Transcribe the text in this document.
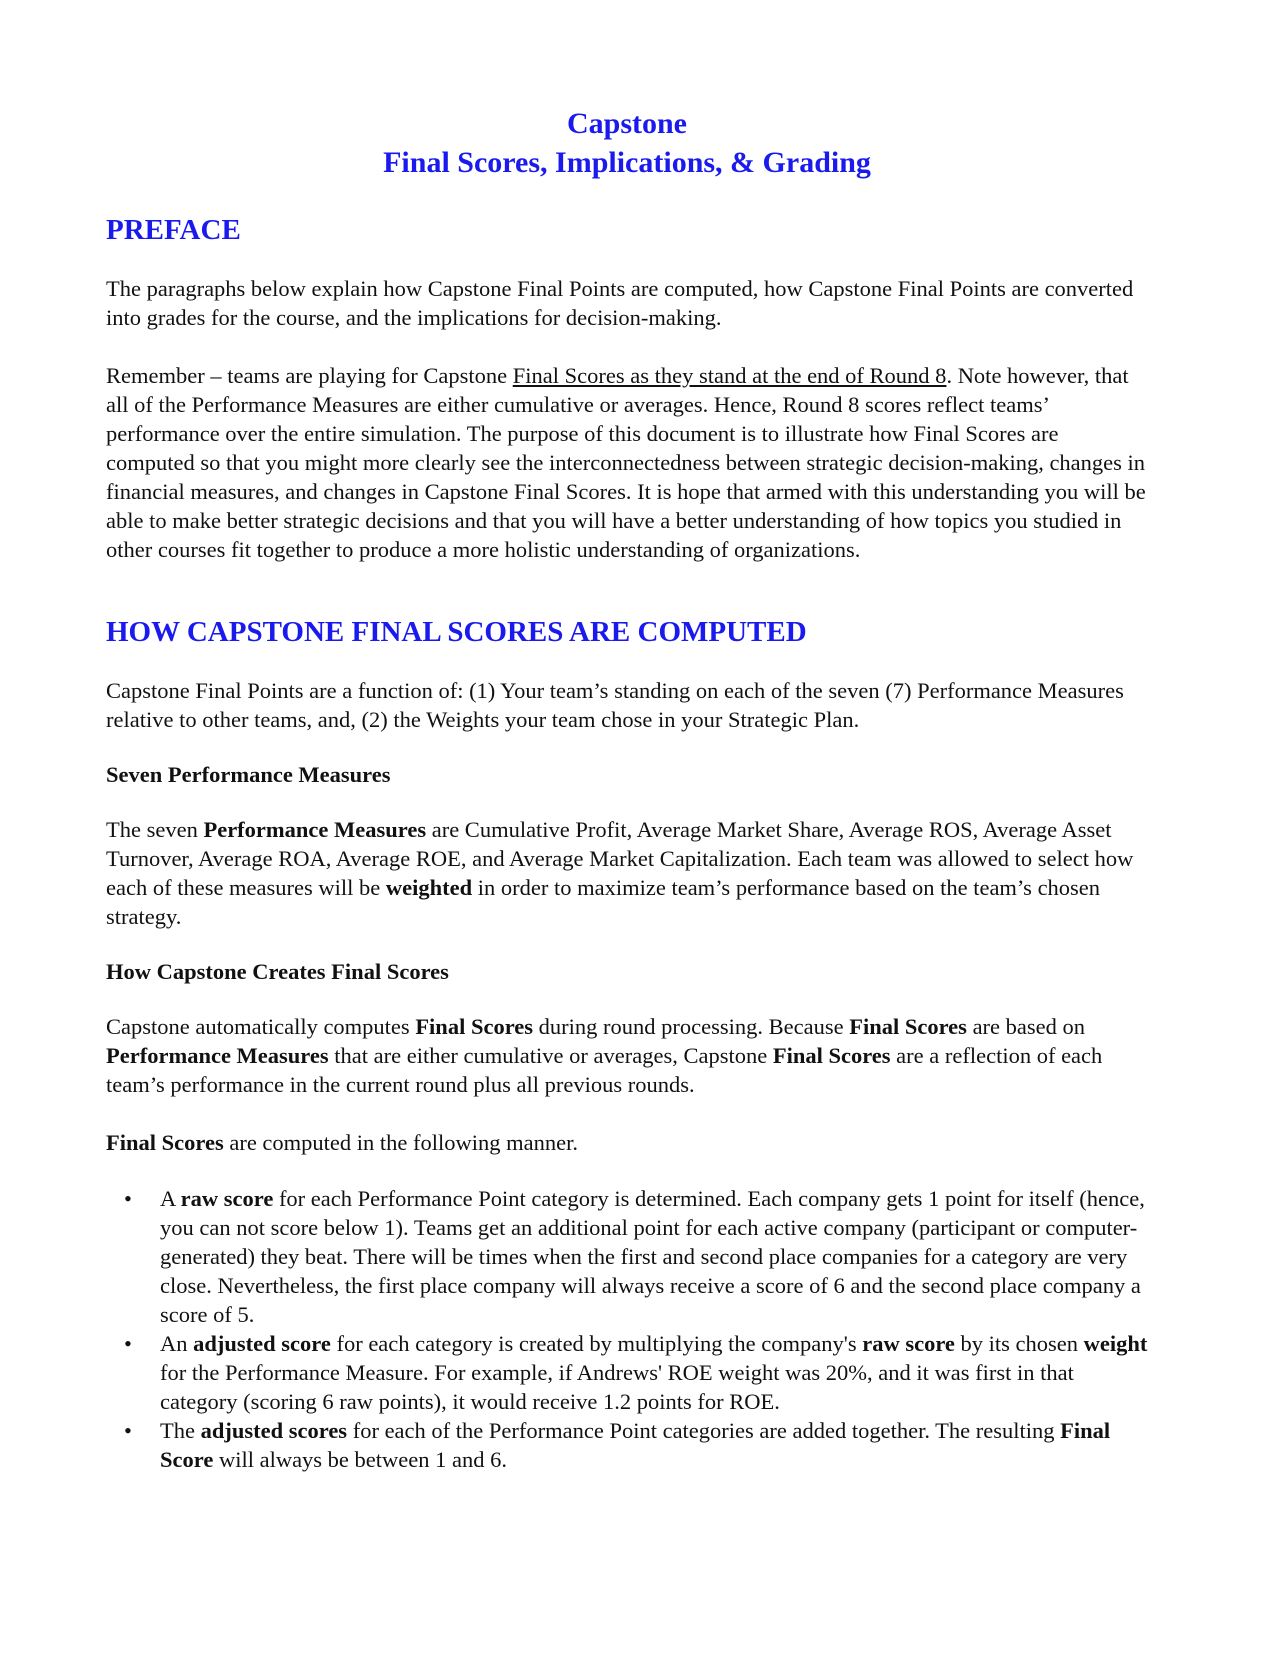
Capstone
Final Scores, Implications, & Grading
PREFACE

The paragraphs below explain how Capstone Final Points are computed, how Capstone Final Points are converted into grades for the course, and the implications for decision-making.

Remember – teams are playing for Capstone Final Scores as they stand at the end of Round 8. Note however, that all of the Performance Measures are either cumulative or averages. Hence, Round 8 scores reflect teams’ performance over the entire simulation. The purpose of this document is to illustrate how Final Scores are computed so that you might more clearly see the interconnectedness between strategic decision-making, changes in financial measures, and changes in Capstone Final Scores. It is hope that armed with this understanding you will be able to make better strategic decisions and that you will have a better understanding of how topics you studied in other courses fit together to produce a more holistic understanding of organizations.

HOW CAPSTONE FINAL SCORES ARE COMPUTED

Capstone Final Points are a function of: (1) Your team’s standing on each of the seven (7) Performance Measures relative to other teams, and, (2) the Weights your team chose in your Strategic Plan.

Seven Performance Measures

The seven Performance Measures are Cumulative Profit, Average Market Share, Average ROS, Average Asset Turnover, Average ROA, Average ROE, and Average Market Capitalization. Each team was allowed to select how each of these measures will be weighted in order to maximize team’s performance based on the team’s chosen strategy.

How Capstone Creates Final Scores

Capstone automatically computes Final Scores during round processing. Because Final Scores are based on Performance Measures that are either cumulative or averages, Capstone Final Scores are a reflection of each team’s performance in the current round plus all previous rounds.

Final Scores are computed in the following manner.

• A raw score for each Performance Point category is determined. Each company gets 1 point for itself (hence, you can not score below 1). Teams get an additional point for each active company (participant or computer-generated) they beat. There will be times when the first and second place companies for a category are very close. Nevertheless, the first place company will always receive a score of 6 and the second place company a score of 5.
• An adjusted score for each category is created by multiplying the company's raw score by its chosen weight for the Performance Measure. For example, if Andrews' ROE weight was 20%, and it was first in that category (scoring 6 raw points), it would receive 1.2 points for ROE.
• The adjusted scores for each of the Performance Point categories are added together. The resulting Final Score will always be between 1 and 6.
